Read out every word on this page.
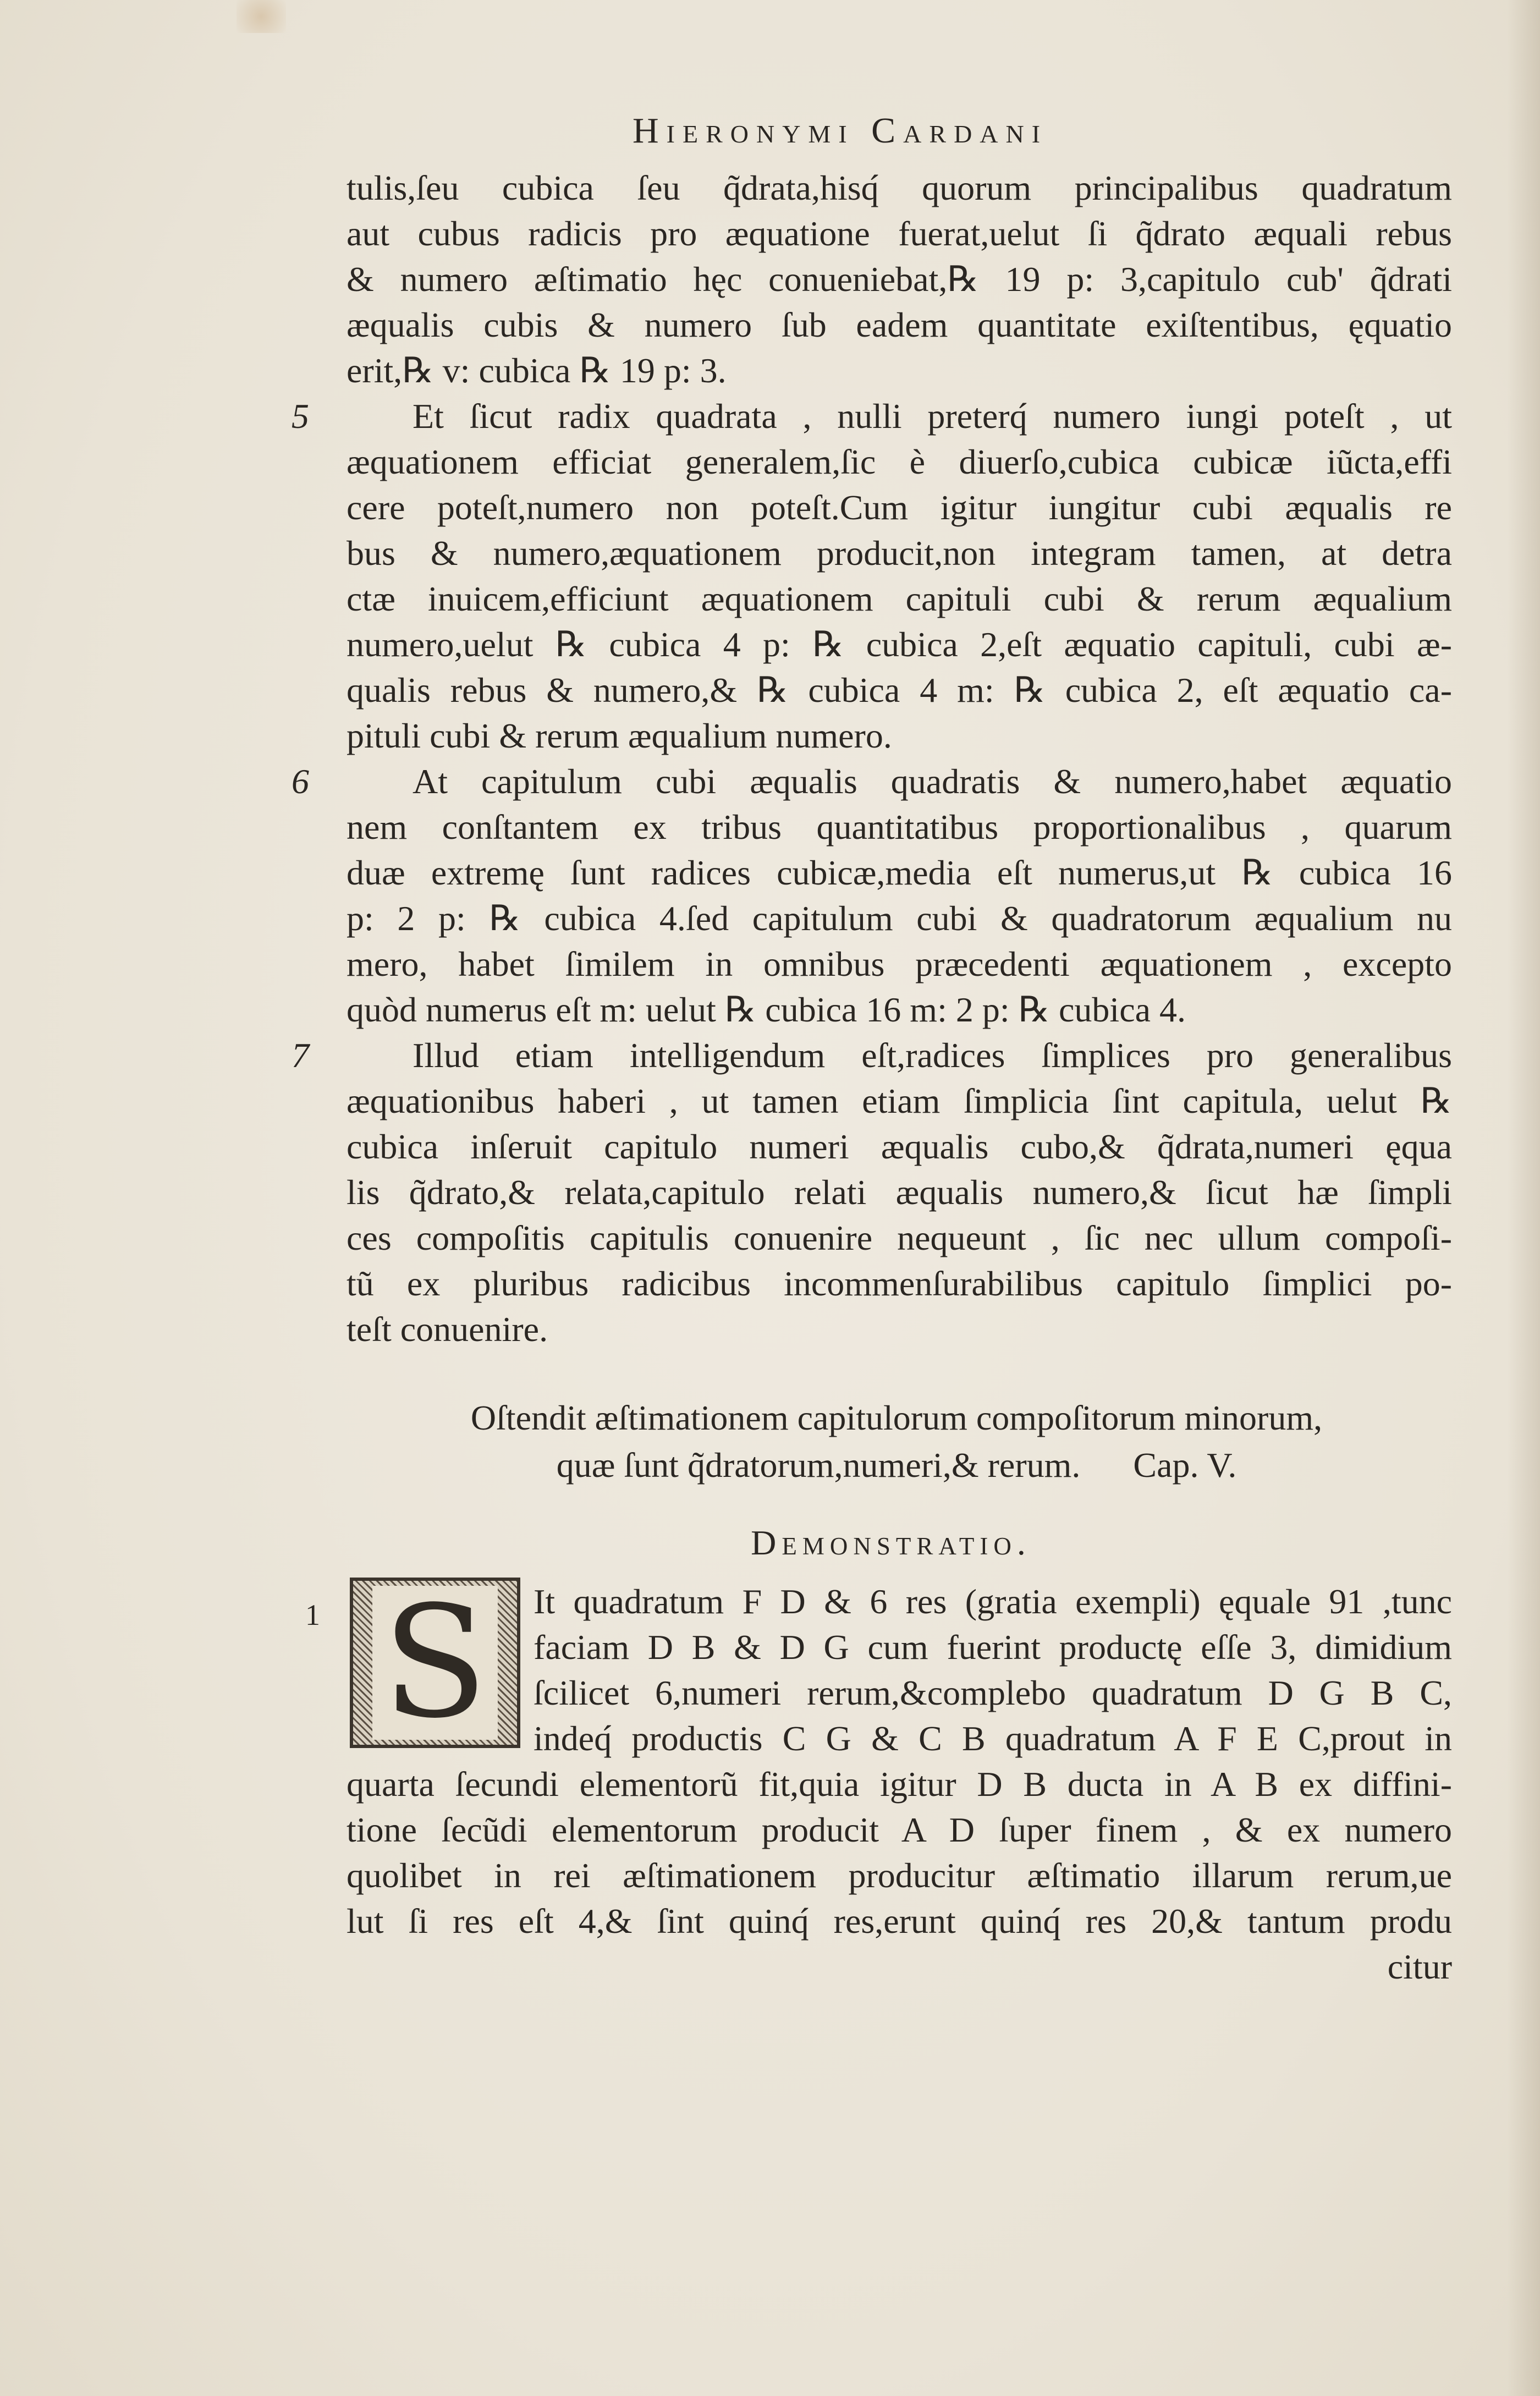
Hieronymi Cardani
5
6
7
tulis,ſeu cubica ſeu q̃drata,hisq́ quorum principalibus quadratum
aut cubus radicis pro æquatione fuerat,uelut ſi q̃drato æquali rebus
& numero æſtimatio hęc conueniebat,℞ 19 p: 3,capitulo cub' q̃drati
æqualis cubis & numero ſub eadem quantitate exiſtentibus, ęquatio
erit,℞ v: cubica ℞ 19 p: 3.
Et ſicut radix quadrata , nulli preterq́ numero iungi poteſt , ut
æquationem efficiat generalem,ſic è diuerſo,cubica cubicæ iũcta,effi
cere poteſt,numero non poteſt.Cum igitur iungitur cubi æqualis re
bus & numero,æquationem producit,non integram tamen, at detra
ctæ inuicem,efficiunt æquationem capituli cubi & rerum æqualium
numero,uelut ℞ cubica 4 p: ℞ cubica 2,eſt æquatio capituli, cubi æ-
qualis rebus & numero,& ℞ cubica 4 m: ℞ cubica 2, eſt æquatio ca-
pituli cubi & rerum æqualium numero.
At capitulum cubi æqualis quadratis & numero,habet æquatio
nem conſtantem ex tribus quantitatibus proportionalibus , quarum
duæ extremę ſunt radices cubicæ,media eſt numerus,ut ℞ cubica 16
p: 2 p: ℞ cubica 4.ſed capitulum cubi & quadratorum æqualium nu
mero, habet ſimilem in omnibus præcedenti æquationem , excepto
quòd numerus eſt m: uelut ℞ cubica 16 m: 2 p: ℞ cubica 4.
Illud etiam intelligendum eſt,radices ſimplices pro generalibus
æquationibus haberi , ut tamen etiam ſimplicia ſint capitula, uelut ℞
cubica inſeruit capitulo numeri æqualis cubo,& q̃drata,numeri ęqua
lis q̃drato,& relata,capitulo relati æqualis numero,& ſicut hæ ſimpli
ces compoſitis capitulis conuenire nequeunt , ſic nec ullum compoſi-
tũ ex pluribus radicibus incommenſurabilibus capitulo ſimplici po-
teſt conuenire.
Oſtendit æſtimationem capitulorum compoſitorum minorum,
quæ ſunt q̃dratorum,numeri,& rerum.      Cap. V.
Demonstratio.
1 S	It quadratum F D & 6 res (gratia exempli) ęquale 91 ,tunc
faciam D B & D G cum fuerint productę eſſe 3, dimidium
ſcilicet 6,numeri rerum,&complebo quadratum D G B C,
indeq́ productis C G & C B quadratum A F E C,prout in
quarta ſecundi elementorũ fit,quia igitur D B ducta in A B ex diffini-
tione ſecũdi elementorum producit A D ſuper finem , & ex numero
quolibet in rei æſtimationem producitur æſtimatio illarum rerum,ue
lut ſi res eſt 4,& ſint quinq́ res,erunt quinq́ res 20,& tantum produ
citur
